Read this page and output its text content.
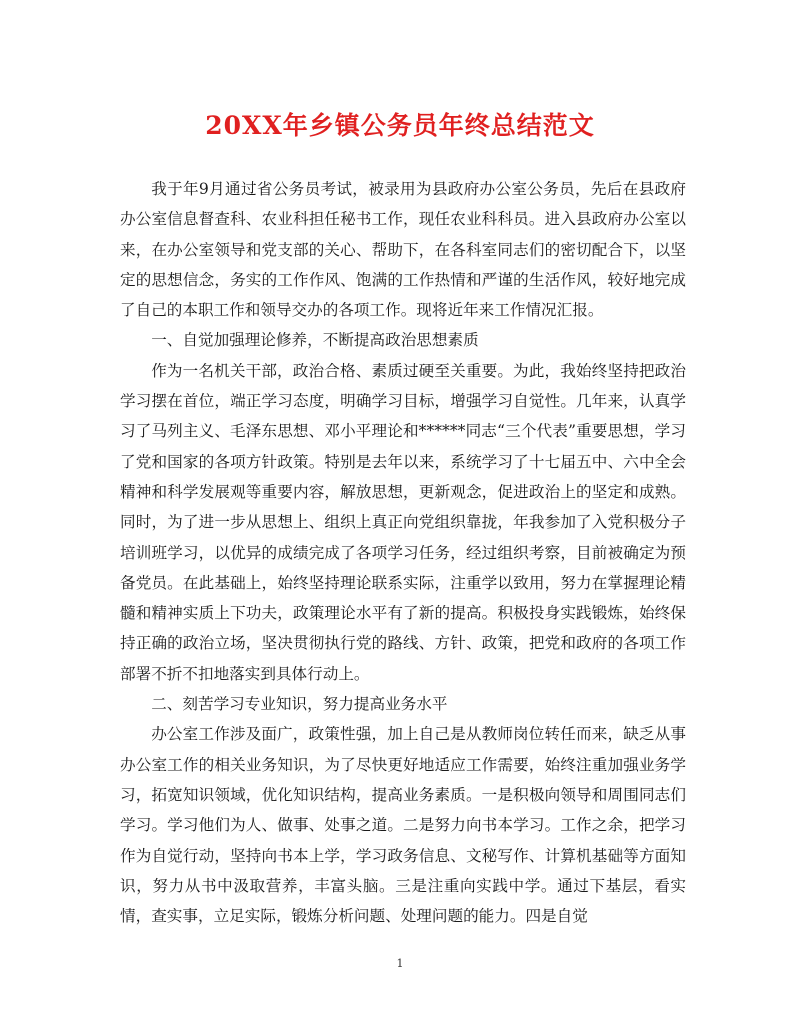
20XX年乡镇公务员年终总结范文

我于年9月通过省公务员考试，被录用为县政府办公室公务员，先后在县政府办公室信息督查科、农业科担任秘书工作，现任农业科科员。进入县政府办公室以来，在办公室领导和党支部的关心、帮助下，在各科室同志们的密切配合下，以坚定的思想信念，务实的工作作风、饱满的工作热情和严谨的生活作风，较好地完成了自己的本职工作和领导交办的各项工作。现将近年来工作情况汇报。

一、自觉加强理论修养，不断提高政治思想素质

作为一名机关干部，政治合格、素质过硬至关重要。为此，我始终坚持把政治学习摆在首位，端正学习态度，明确学习目标，增强学习自觉性。几年来，认真学习了马列主义、毛泽东思想、邓小平理论和******同志“三个代表”重要思想，学习了党和国家的各项方针政策。特别是去年以来，系统学习了十七届五中、六中全会精神和科学发展观等重要内容，解放思想，更新观念，促进政治上的坚定和成熟。同时，为了进一步从思想上、组织上真正向党组织靠拢，年我参加了入党积极分子培训班学习，以优异的成绩完成了各项学习任务，经过组织考察，目前被确定为预备党员。在此基础上，始终坚持理论联系实际，注重学以致用，努力在掌握理论精髓和精神实质上下功夫，政策理论水平有了新的提高。积极投身实践锻炼，始终保持正确的政治立场，坚决贯彻执行党的路线、方针、政策，把党和政府的各项工作部署不折不扣地落实到具体行动上。

二、刻苦学习专业知识，努力提高业务水平

办公室工作涉及面广，政策性强，加上自己是从教师岗位转任而来，缺乏从事办公室工作的相关业务知识，为了尽快更好地适应工作需要，始终注重加强业务学习，拓宽知识领域，优化知识结构，提高业务素质。一是积极向领导和周围同志们学习。学习他们为人、做事、处事之道。二是努力向书本学习。工作之余，把学习作为自觉行动，坚持向书本上学，学习政务信息、文秘写作、计算机基础等方面知识，努力从书中汲取营养，丰富头脑。三是注重向实践中学。通过下基层，看实情，查实事，立足实际，锻炼分析问题、处理问题的能力。四是自觉

1
